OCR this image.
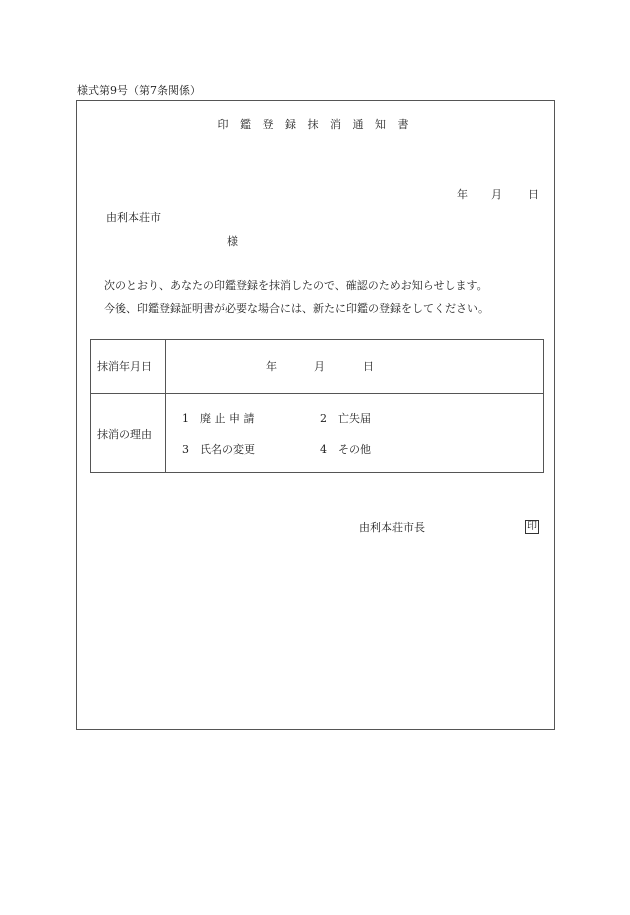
様式第9号（第7条関係）
印 鑑 登 録 抹 消 通 知 書
年 月 日
由利本荘市
様
次のとおり、あなたの印鑑登録を抹消したので、確認のためお知らせします。
今後、印鑑登録証明書が必要な場合には、新たに印鑑の登録をしてください。
抹消年月日	年	月	日
抹消の理由
1　廃 止 申 請	2　亡失届
3　氏名の変更	4　その他
由利本荘市長	印
